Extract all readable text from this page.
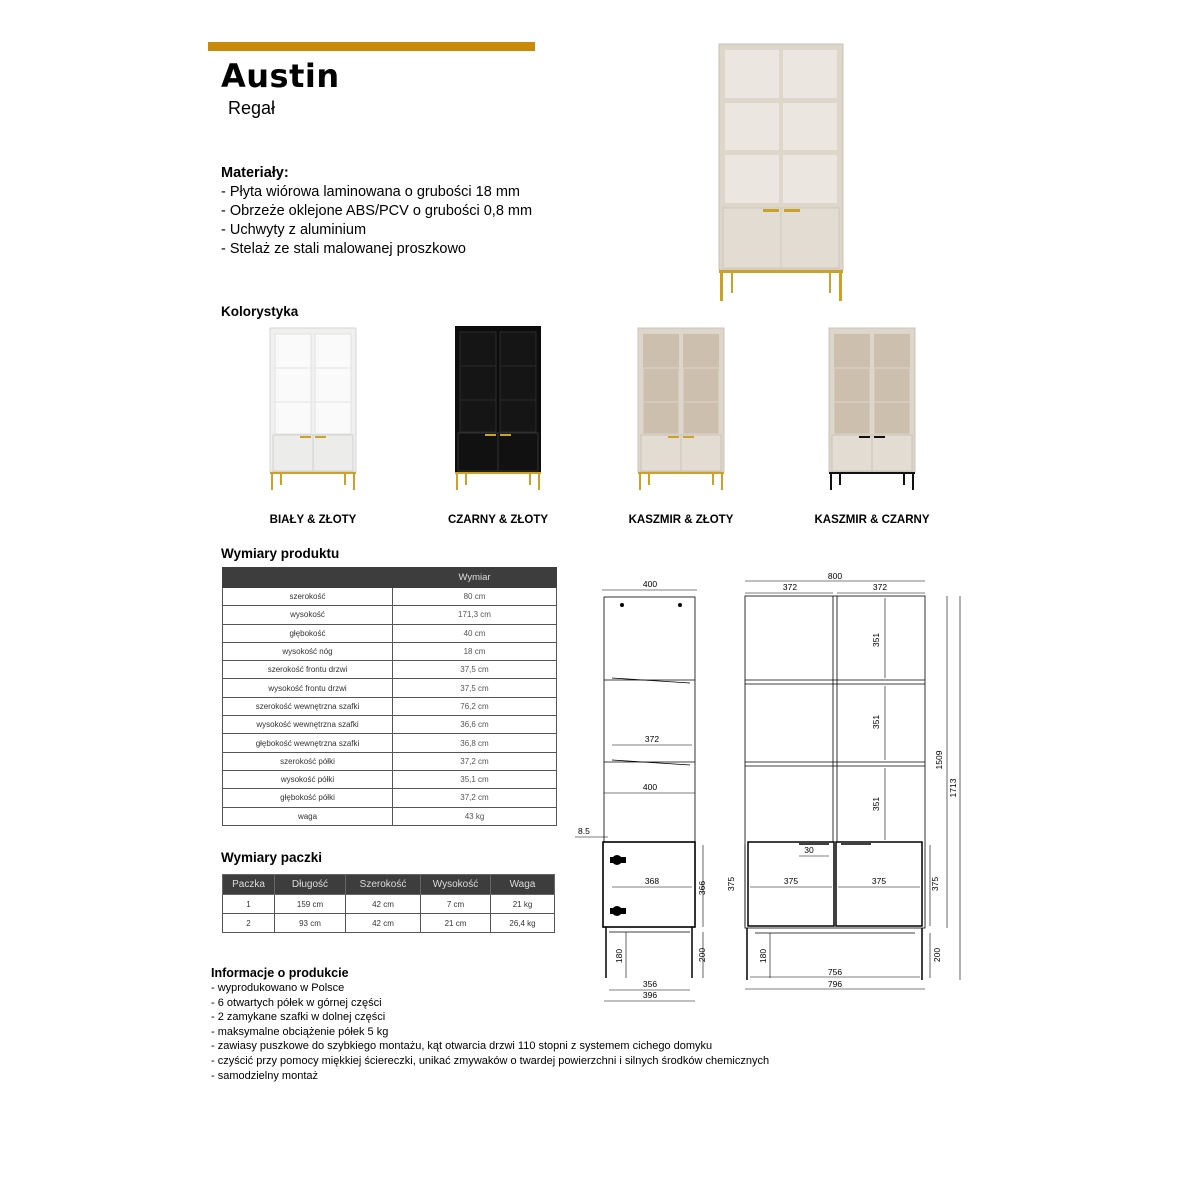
Austin
Regał
Materiały:
- Płyta wiórowa laminowana o grubości 18 mm
- Obrzeże oklejone ABS/PCV o grubości 0,8 mm
- Uchwyty z aluminium
- Stelaż ze stali malowanej proszkowo
Kolorystyka
BIAŁY & ZŁOTY	CZARNY & ZŁOTY	KASZMIR & ZŁOTY	KASZMIR & CZARNY
Wymiary produktu
	Wymiar
szerokość	80 cm
wysokość	171,3 cm
głębokość	40 cm
wysokość nóg	18 cm
szerokość frontu drzwi	37,5 cm
wysokość frontu drzwi	37,5 cm
szerokość wewnętrzna szafki	76,2 cm
wysokość wewnętrzna szafki	36,6 cm
głębokość wewnętrzna szafki	36,8 cm
szerokość półki	37,2 cm
wysokość półki	35,1 cm
głębokość półki	37,2 cm
waga	43 kg
Wymiary paczki
Paczka	Długość	Szerokość	Wysokość	Waga
1	159 cm	42 cm	7 cm	21 kg
2	93 cm	42 cm	21 cm	26,4 kg
Informacje o produkcie
- wyprodukowano w Polsce
- 6 otwartych półek w górnej części
- 2 zamykane szafki w dolnej części
- maksymalne obciążenie półek 5 kg
- zawiasy puszkowe do szybkiego montażu, kąt otwarcia drzwi 110 stopni z systemem cichego domyku
- czyścić przy pomocy miękkiej ściereczki, unikać zmywaków o twardej powierzchni i silnych środków chemicznych
- samodzielny montaż
400
372
400
8.5
368	366
180	200
356
396
800
372	372
351
351
351
30
375	375
375	375
180	200
1509
1713
756
796
